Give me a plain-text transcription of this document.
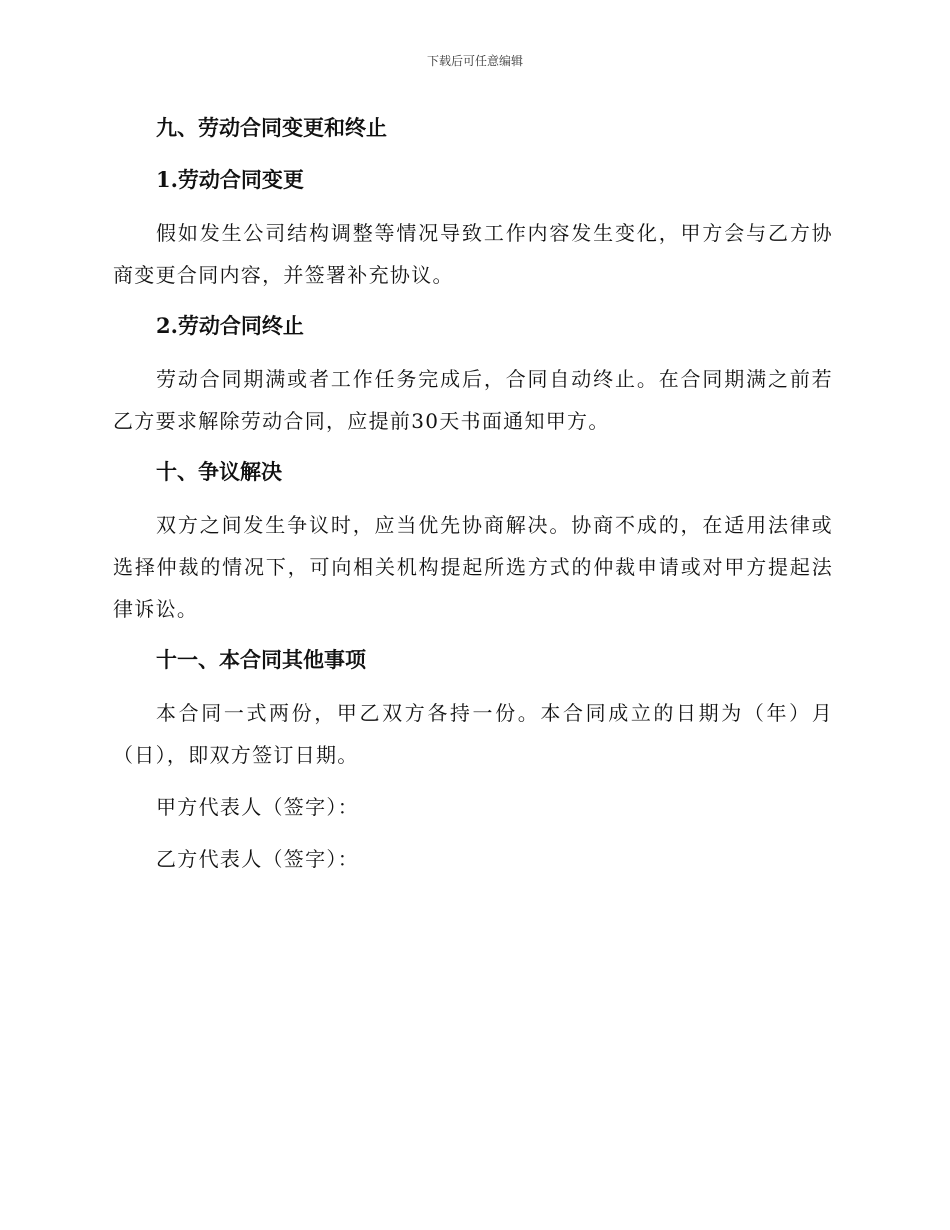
下载后可任意编辑
九、劳动合同变更和终止
1.劳动合同变更
假如发生公司结构调整等情况导致工作内容发生变化，甲方会与乙方协商变更合同内容，并签署补充协议。
2.劳动合同终止
劳动合同期满或者工作任务完成后，合同自动终止。在合同期满之前若乙方要求解除劳动合同，应提前30天书面通知甲方。
十、争议解决
双方之间发生争议时，应当优先协商解决。协商不成的，在适用法律或选择仲裁的情况下，可向相关机构提起所选方式的仲裁申请或对甲方提起法律诉讼。
十一、本合同其他事项
本合同一式两份，甲乙双方各持一份。本合同成立的日期为（年）月（日），即双方签订日期。
甲方代表人（签字）：
乙方代表人（签字）：
